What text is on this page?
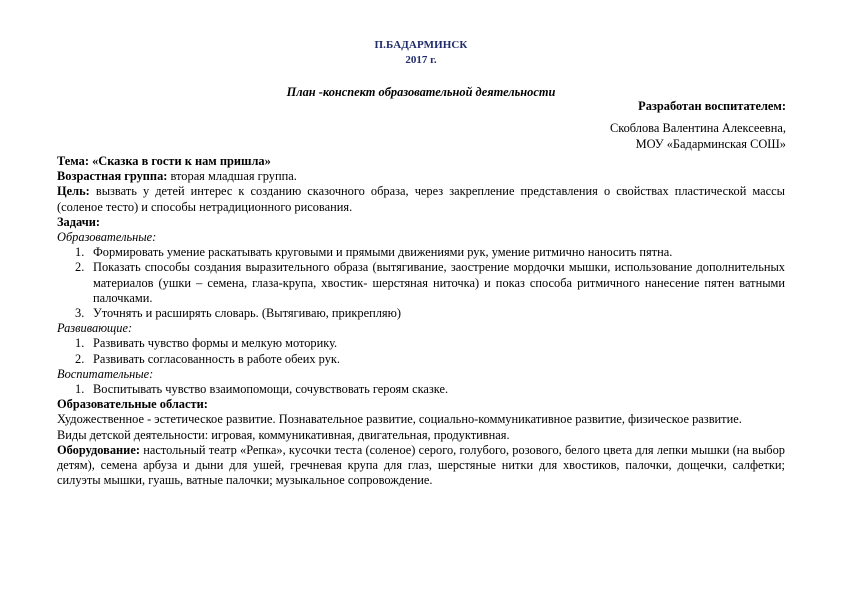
П.БАДАРМИНСК
2017 г.
План -конспект образовательной деятельности
Разработан воспитателем:
Скоблова Валентина Алексеевна,
МОУ «Бадарминская СОШ»

Тема: «Сказка в гости к нам пришла»

Возрастная группа: вторая младшая группа.

Цель: вызвать у детей интерес к созданию сказочного образа, через закрепление представления о свойствах пластической массы (соленое тесто) и способы нетрадиционного рисования.

Задачи:

Образовательные:

1. Формировать умение раскатывать круговыми и прямыми движениями рук, умение ритмично наносить пятна.
2. Показать способы создания выразительного образа (вытягивание, заострение мордочки мышки, использование дополнительных материалов (ушки – семена, глаза-крупа, хвостик- шерстяная ниточка) и показ способа ритмичного нанесение пятен ватными палочками.
3. Уточнять и расширять словарь. (Вытягиваю, прикрепляю)

Развивающие:

1. Развивать чувство формы и мелкую моторику.
2. Развивать согласованность в работе обеих рук.

Воспитательные:

1. Воспитывать чувство взаимопомощи, сочувствовать героям сказке.

Образовательные области:

Художественное - эстетическое развитие. Познавательное развитие, социально-коммуникативное развитие, физическое развитие.

Виды детской деятельности: игровая, коммуникативная, двигательная, продуктивная.

Оборудование: настольный театр «Репка», кусочки теста (соленое) серого, голубого, розового, белого цвета для лепки мышки (на выбор детям), семена арбуза и дыни для ушей, гречневая крупа для глаз, шерстяные нитки для хвостиков, палочки, дощечки, салфетки; силуэты мышки, гуашь, ватные палочки; музыкальное сопровождение.
